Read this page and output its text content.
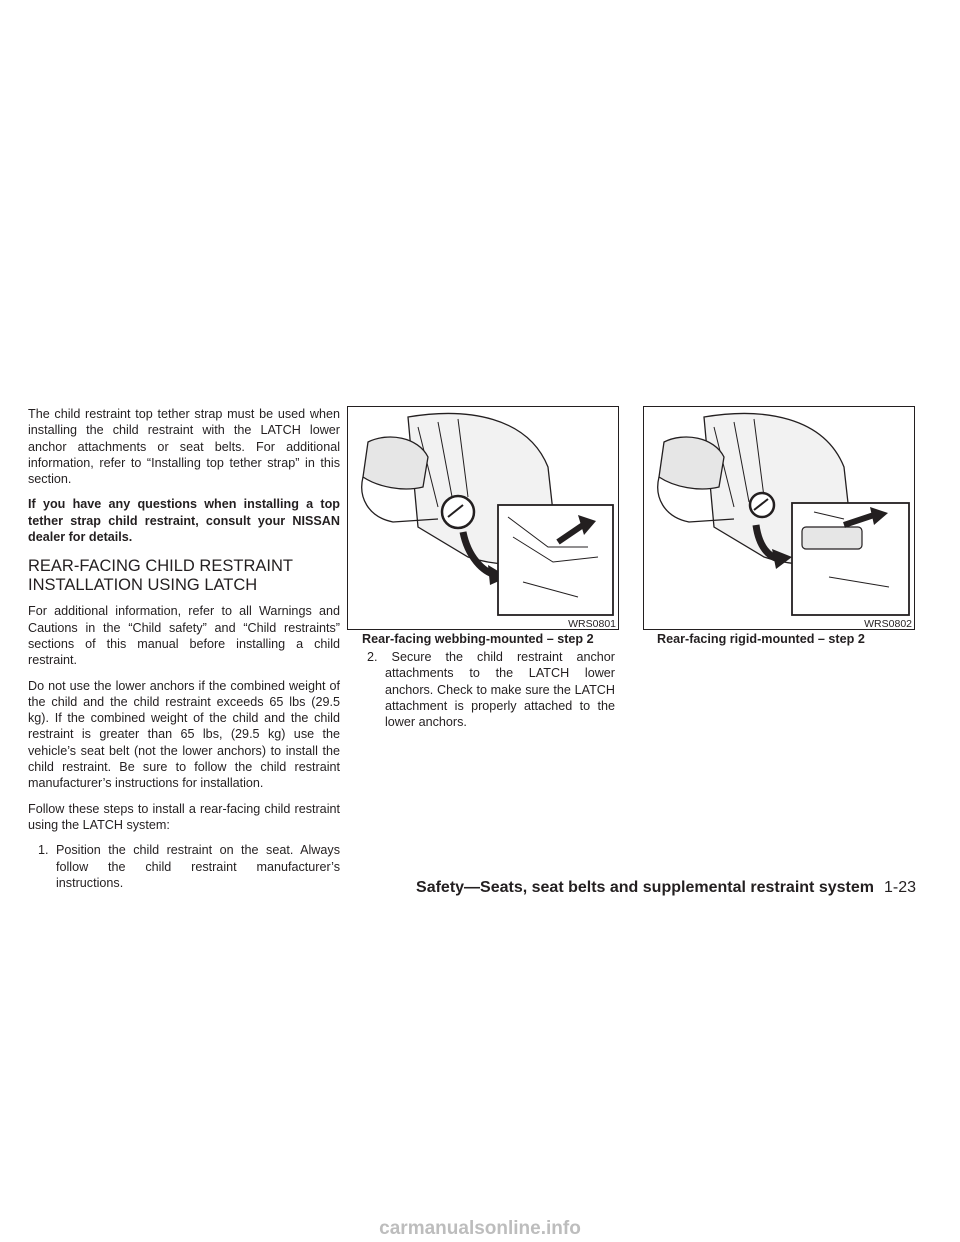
The child restraint top tether strap must be used when installing the child restraint with the LATCH lower anchor attachments or seat belts. For additional information, refer to “Installing top tether strap” in this section.

If you have any questions when installing a top tether strap child restraint, consult your NISSAN dealer for details.

REAR-FACING CHILD RESTRAINT INSTALLATION USING LATCH

For additional information, refer to all Warnings and Cautions in the “Child safety” and “Child restraints” sections of this manual before installing a child restraint.

Do not use the lower anchors if the combined weight of the child and the child restraint exceeds 65 lbs (29.5 kg). If the combined weight of the child and the child restraint is greater than 65 lbs, (29.5 kg) use the vehicle’s seat belt (not the lower anchors) to install the child restraint. Be sure to follow the child restraint manufacturer’s instructions for installation.

Follow these steps to install a rear-facing child restraint using the LATCH system:

1. Position the child restraint on the seat. Always follow the child restraint manufacturer’s instructions.

WRS0801
Rear-facing webbing-mounted – step 2
WRS0802
Rear-facing rigid-mounted – step 2

2. Secure the child restraint anchor attachments to the LATCH lower anchors. Check to make sure the LATCH attachment is properly attached to the lower anchors.

Safety—Seats, seat belts and supplemental restraint system 1-23
carmanualsonline.info
